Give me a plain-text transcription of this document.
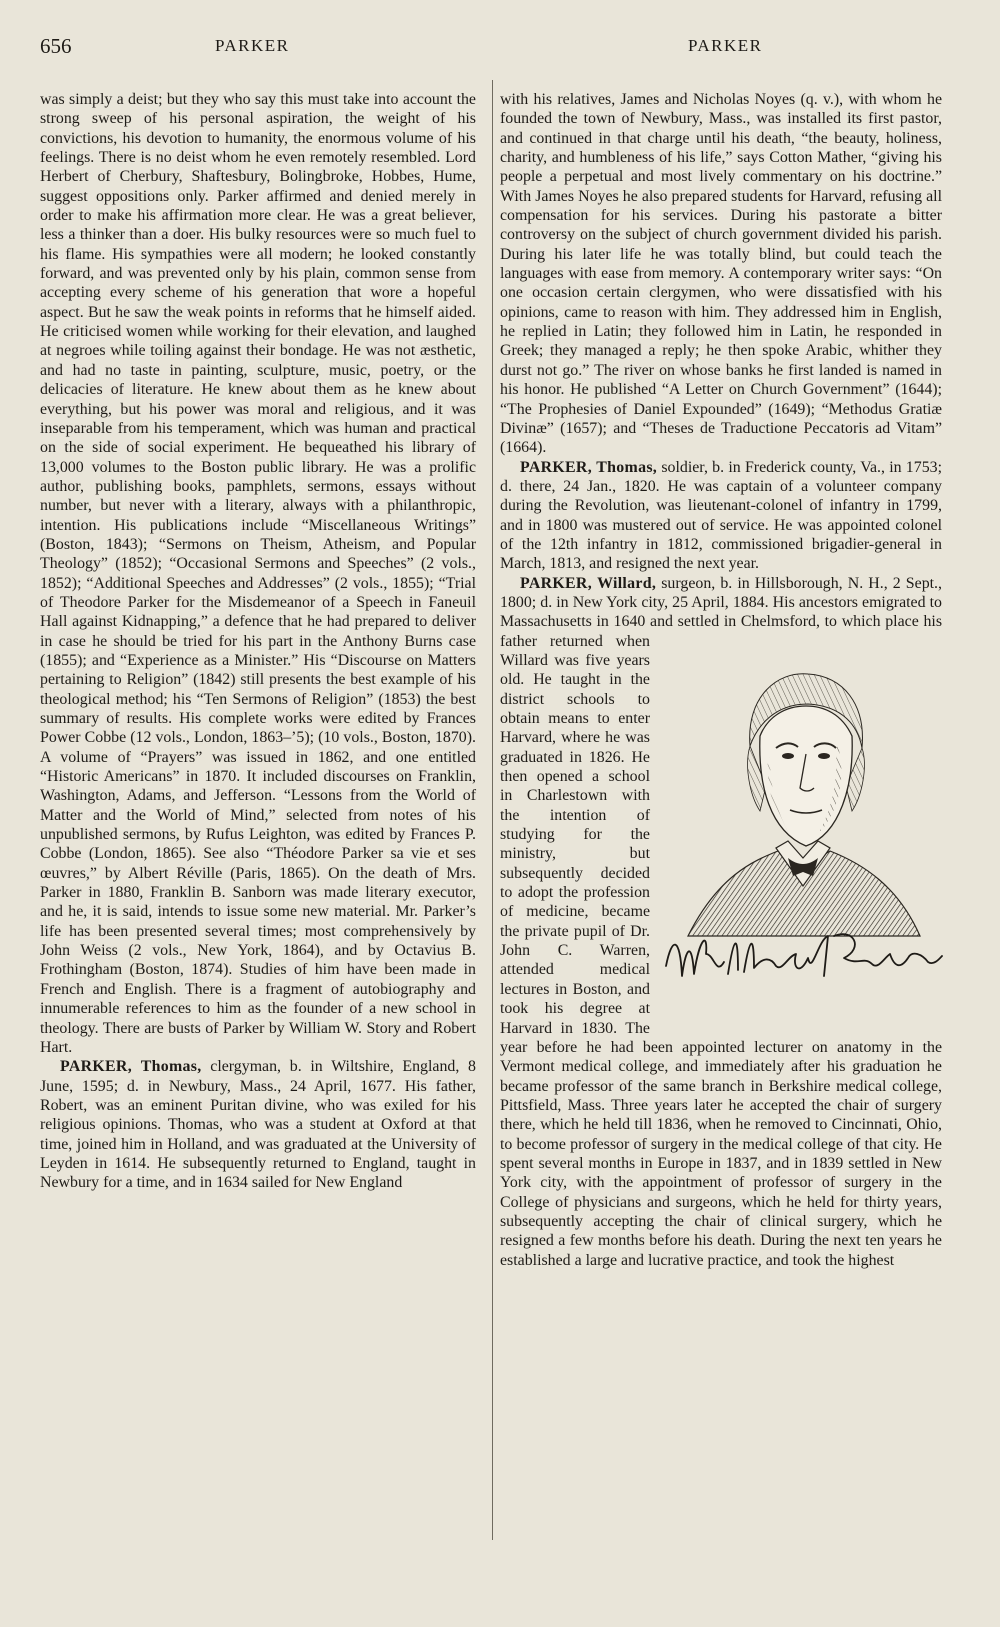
656	PARKER	PARKER

was simply a deist; but they who say this must take into account the strong sweep of his personal aspiration, the weight of his convictions, his devotion to humanity, the enormous volume of his feelings. There is no deist whom he even remotely resembled. Lord Herbert of Cherbury, Shaftesbury, Bolingbroke, Hobbes, Hume, suggest oppositions only. Parker affirmed and denied merely in order to make his affirmation more clear. He was a great believer, less a thinker than a doer. His bulky resources were so much fuel to his flame. His sympathies were all modern; he looked constantly forward, and was prevented only by his plain, common sense from accepting every scheme of his generation that wore a hopeful aspect. But he saw the weak points in reforms that he himself aided. He criticised women while working for their elevation, and laughed at negroes while toiling against their bondage. He was not æsthetic, and had no taste in painting, sculpture, music, poetry, or the delicacies of literature. He knew about them as he knew about everything, but his power was moral and religious, and it was inseparable from his temperament, which was human and practical on the side of social experiment. He bequeathed his library of 13,000 volumes to the Boston public library. He was a prolific author, publishing books, pamphlets, sermons, essays without number, but never with a literary, always with a philanthropic, intention. His publications include “Miscellaneous Writings” (Boston, 1843); “Sermons on Theism, Atheism, and Popular Theology” (1852); “Occasional Sermons and Speeches” (2 vols., 1852); “Additional Speeches and Addresses” (2 vols., 1855); “Trial of Theodore Parker for the Misdemeanor of a Speech in Faneuil Hall against Kidnapping,” a defence that he had prepared to deliver in case he should be tried for his part in the Anthony Burns case (1855); and “Experience as a Minister.” His “Discourse on Matters pertaining to Religion” (1842) still presents the best example of his theological method; his “Ten Sermons of Religion” (1853) the best summary of results. His complete works were edited by Frances Power Cobbe (12 vols., London, 1863–’5); (10 vols., Boston, 1870). A volume of “Prayers” was issued in 1862, and one entitled “Historic Americans” in 1870. It included discourses on Franklin, Washington, Adams, and Jefferson. “Lessons from the World of Matter and the World of Mind,” selected from notes of his unpublished sermons, by Rufus Leighton, was edited by Frances P. Cobbe (London, 1865). See also “Théodore Parker sa vie et ses œuvres,” by Albert Réville (Paris, 1865). On the death of Mrs. Parker in 1880, Franklin B. Sanborn was made literary executor, and he, it is said, intends to issue some new material. Mr. Parker’s life has been presented several times; most comprehensively by John Weiss (2 vols., New York, 1864), and by Octavius B. Frothingham (Boston, 1874). Studies of him have been made in French and English. There is a fragment of autobiography and innumerable references to him as the founder of a new school in theology. There are busts of Parker by William W. Story and Robert Hart.

PARKER, Thomas, clergyman, b. in Wiltshire, England, 8 June, 1595; d. in Newbury, Mass., 24 April, 1677. His father, Robert, was an eminent Puritan divine, who was exiled for his religious opinions. Thomas, who was a student at Oxford at that time, joined him in Holland, and was graduated at the University of Leyden in 1614. He subsequently returned to England, taught in Newbury for a time, and in 1634 sailed for New England

with his relatives, James and Nicholas Noyes (q. v.), with whom he founded the town of Newbury, Mass., was installed its first pastor, and continued in that charge until his death, “the beauty, holiness, charity, and humbleness of his life,” says Cotton Mather, “giving his people a perpetual and most lively commentary on his doctrine.” With James Noyes he also prepared students for Harvard, refusing all compensation for his services. During his pastorate a bitter controversy on the subject of church government divided his parish. During his later life he was totally blind, but could teach the languages with ease from memory. A contemporary writer says: “On one occasion certain clergymen, who were dissatisfied with his opinions, came to reason with him. They addressed him in English, he replied in Latin; they followed him in Latin, he responded in Greek; they managed a reply; he then spoke Arabic, whither they durst not go.” The river on whose banks he first landed is named in his honor. He published “A Letter on Church Government” (1644); “The Prophesies of Daniel Expounded” (1649); “Methodus Gratiæ Divinæ” (1657); and “Theses de Traductione Peccatoris ad Vitam” (1664).

PARKER, Thomas, soldier, b. in Frederick county, Va., in 1753; d. there, 24 Jan., 1820. He was captain of a volunteer company during the Revolution, was lieutenant-colonel of infantry in 1799, and in 1800 was mustered out of service. He was appointed colonel of the 12th infantry in 1812, commissioned brigadier-general in March, 1813, and resigned the next year.

PARKER, Willard, surgeon, b. in Hillsborough, N. H., 2 Sept., 1800; d. in New York city, 25 April, 1884. His ancestors emigrated to Massachusetts in 1640 and settled in Chelmsford, to
which place his father returned when Willard was five years old. He taught in the district schools to obtain means to enter Harvard, where he was graduated in 1826. He then opened a school in Charlestown with the intention of studying for the ministry, but subsequently decided to adopt the profession of medicine, became the private pupil of Dr. John C. Warren, attended medical lectures in Boston, and took his degree at Harvard in 1830. The year before he had been appointed lecturer on anatomy in the Vermont medical college, and immediately after his graduation he became professor of the same branch in Berkshire medical college, Pittsfield, Mass. Three years later he accepted the chair of surgery there, which he held till 1836, when he removed to Cincinnati, Ohio, to become professor of surgery in the medical college of that city. He spent several months in Europe in 1837, and in 1839 settled in New York city, with the appointment of professor of surgery in the College of physicians and surgeons, which he held for thirty years, subsequently accepting the chair of clinical surgery, which he resigned a few months before his death. During the next ten years he established a large and lucrative practice, and took the highest
